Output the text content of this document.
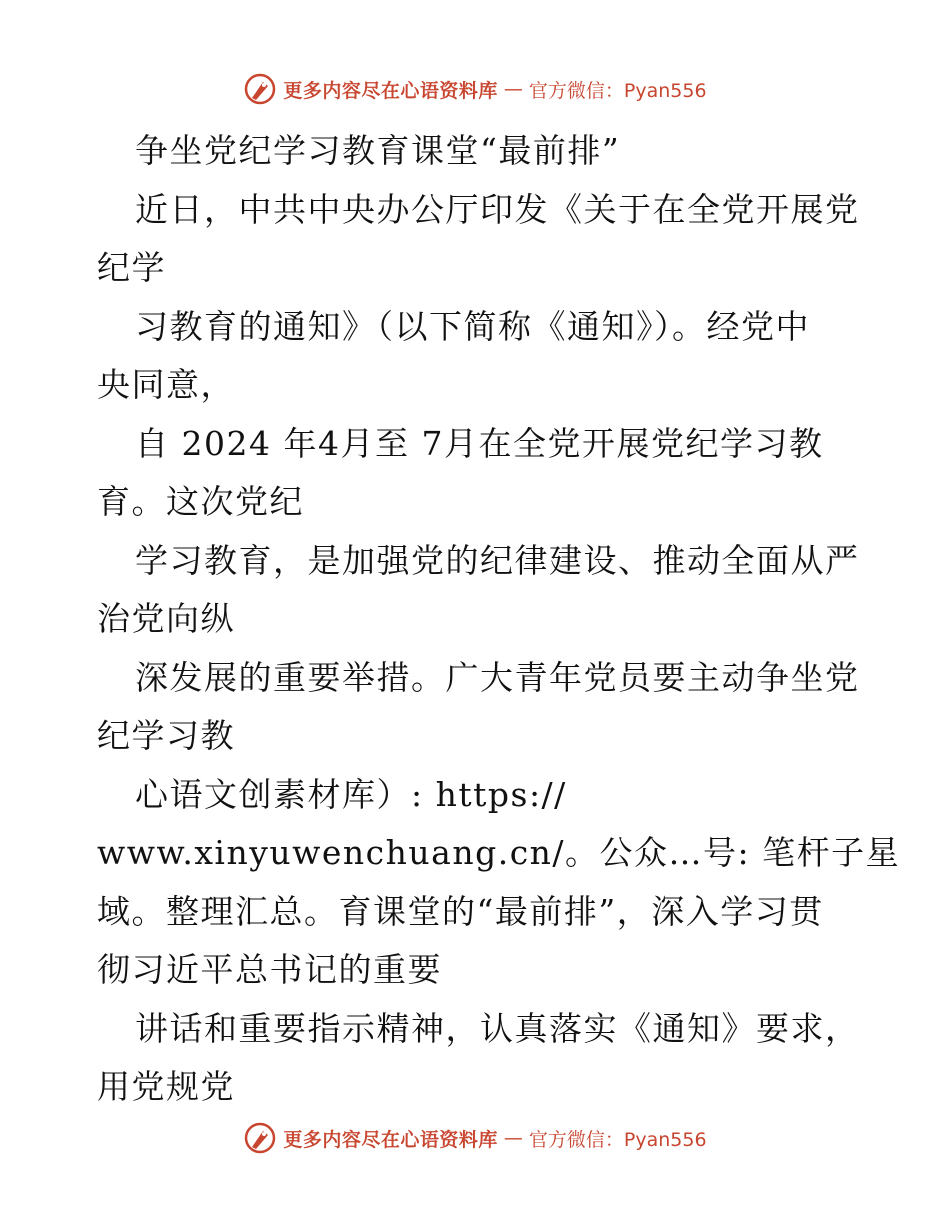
更多内容尽在心语资料库 — 官方微信：Pyan556
争坐党纪学习教育课堂“最前排”
近日，中共中央办公厅印发《关于在全党开展党
纪学
习教育的通知》（以下简称《通知》）。经党中
央同意，
自 2024 年4月至 7月在全党开展党纪学习教
育。这次党纪
学习教育，是加强党的纪律建设、推动全面从严
治党向纵
深发展的重要举措。广大青年党员要主动争坐党
纪学习教
心语文创素材库）: https://
www.xinyuwenchuang.cn/。公众…号: 笔杆子星
域。整理汇总。育课堂的“最前排”，深入学习贯
彻习近平总书记的重要
讲话和重要指示精神，认真落实《通知》要求，
用党规党
更多内容尽在心语资料库 — 官方微信：Pyan556
